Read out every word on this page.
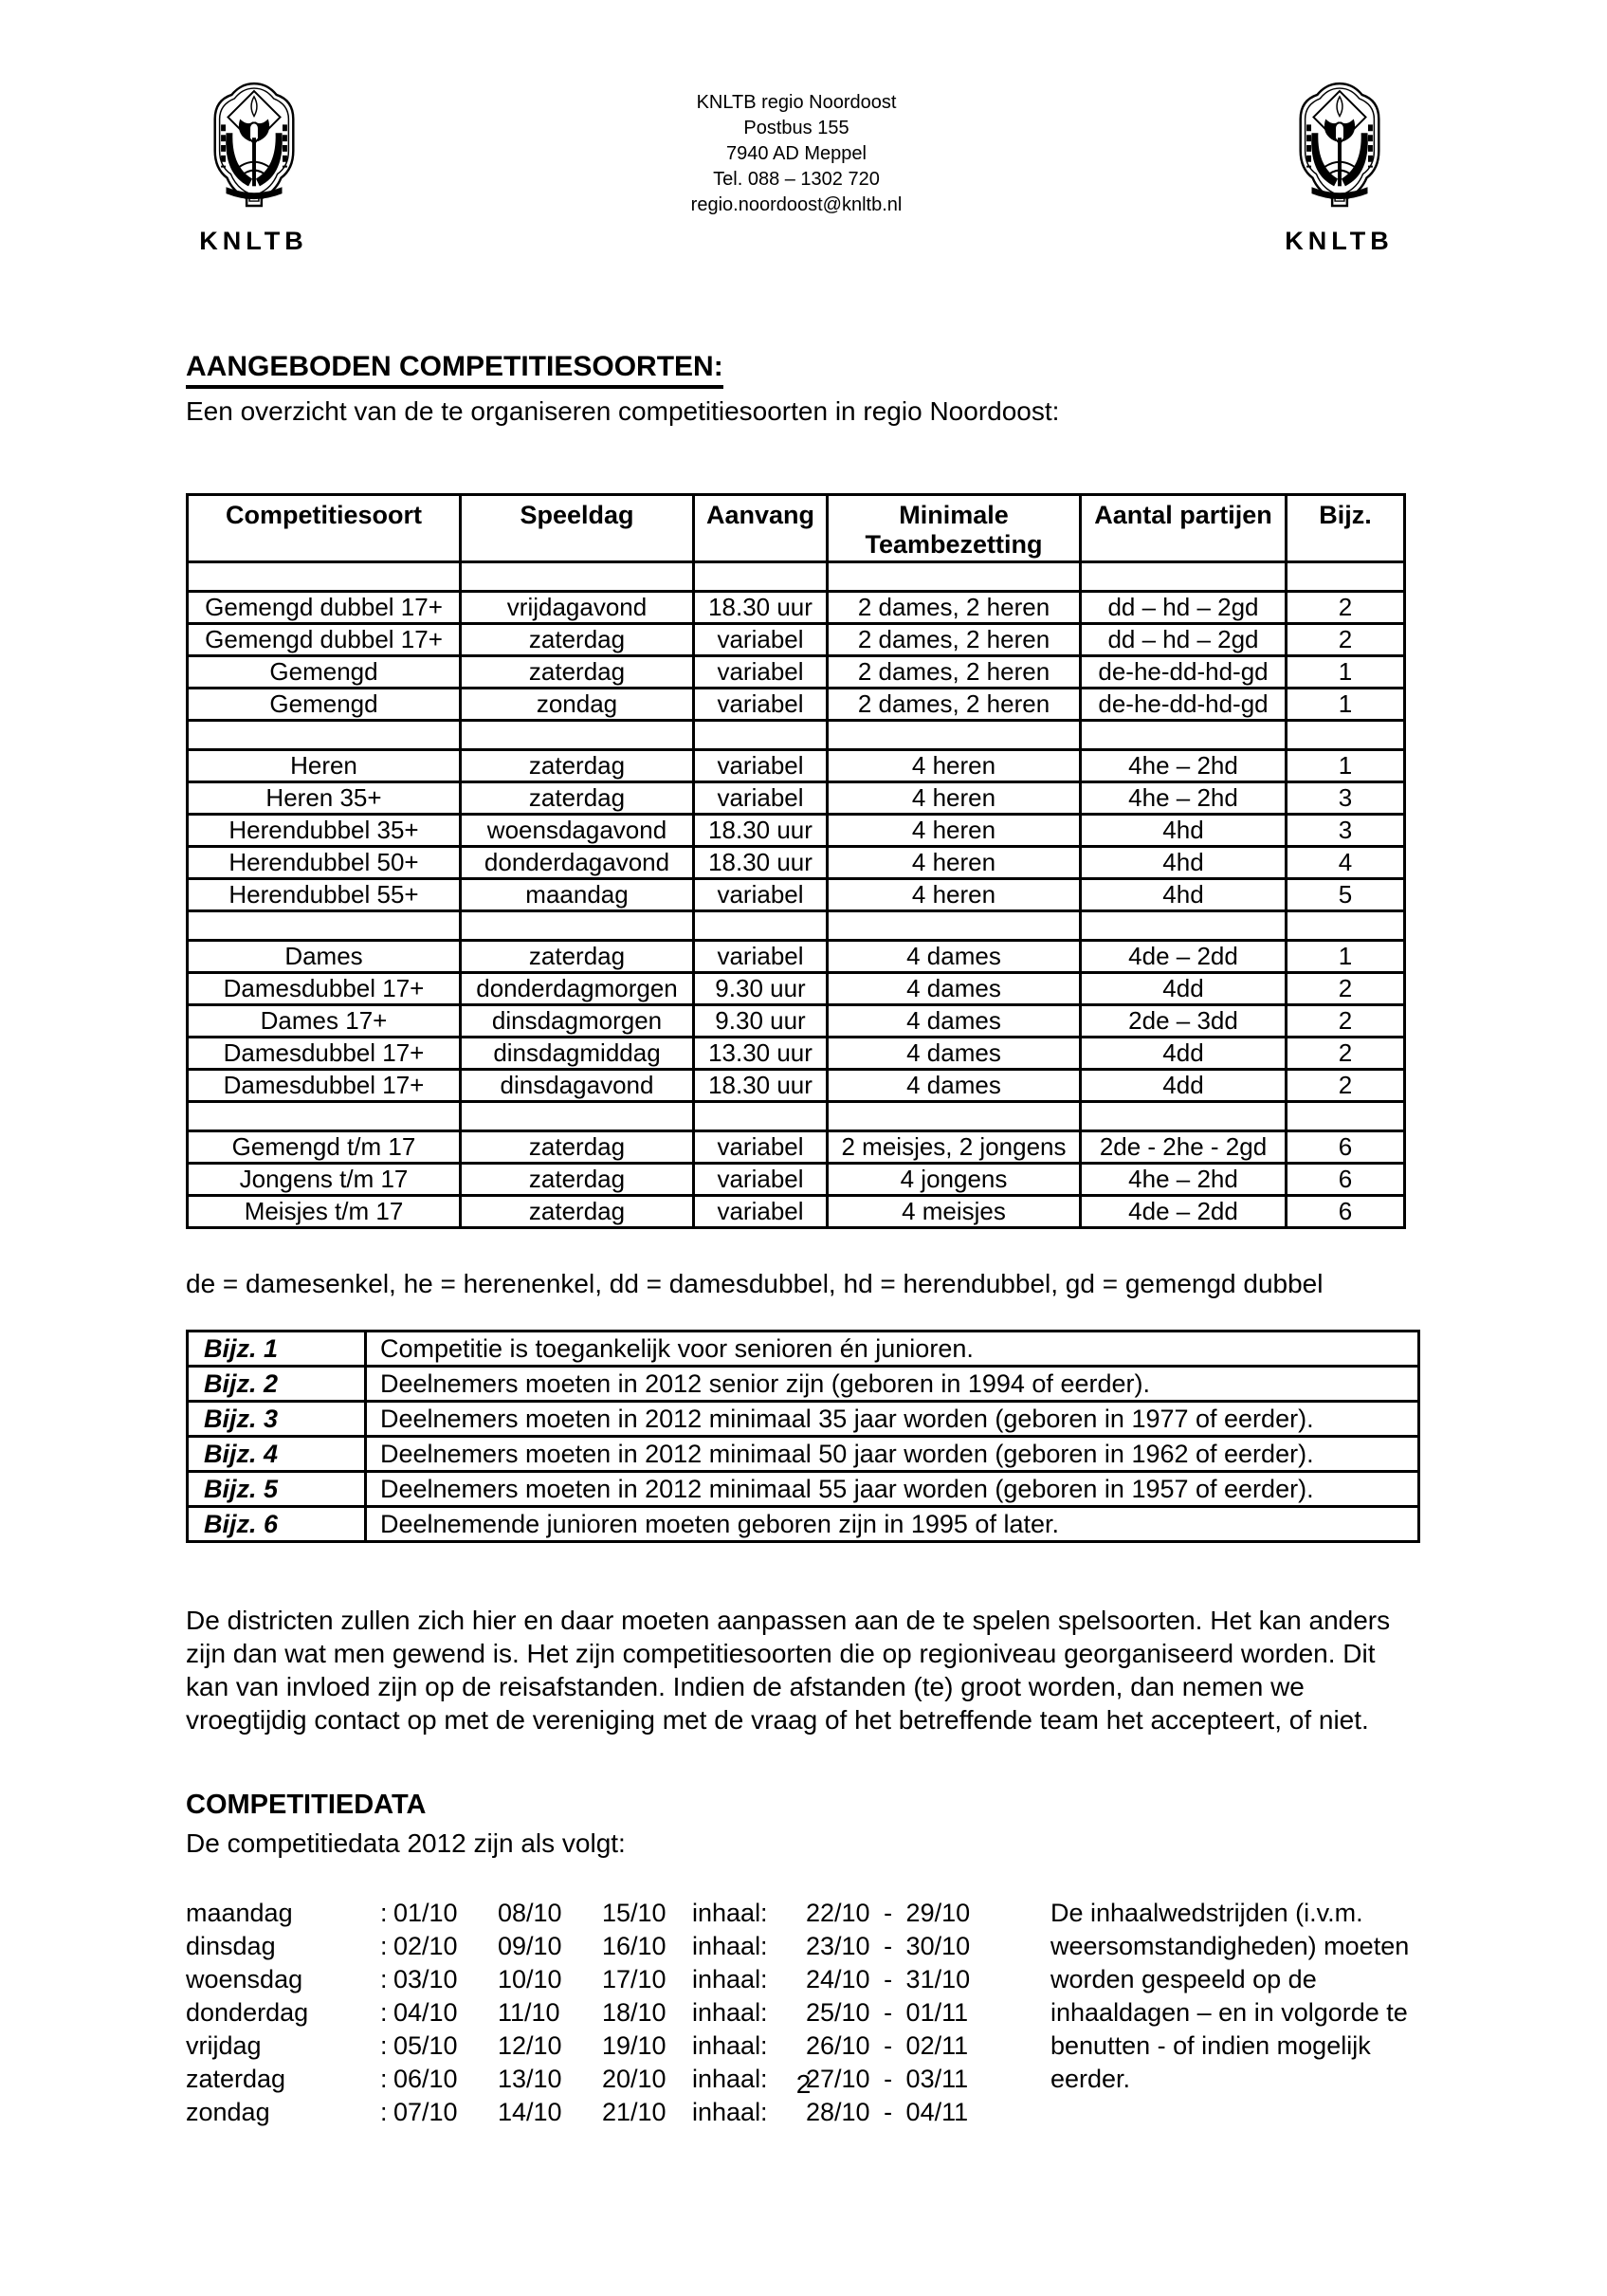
KNLTB
KNLTB regio Noordoost
Postbus 155
7940 AD Meppel
Tel. 088 – 1302 720
regio.noordoost@knltb.nl
KNLTB
AANGEBODEN COMPETITIESOORTEN:
Een overzicht van de te organiseren competitiesoorten in regio Noordoost:
Competitiesoort	Speeldag	Aanvang	Minimale Teambezetting	Aantal partijen	Bijz.

Gemengd dubbel 17+	vrijdagavond	18.30 uur	2 dames, 2 heren	dd – hd – 2gd	2
Gemengd dubbel 17+	zaterdag	variabel	2 dames, 2 heren	dd – hd – 2gd	2
Gemengd	zaterdag	variabel	2 dames, 2 heren	de-he-dd-hd-gd	1
Gemengd	zondag	variabel	2 dames, 2 heren	de-he-dd-hd-gd	1

Heren	zaterdag	variabel	4 heren	4he – 2hd	1
Heren 35+	zaterdag	variabel	4 heren	4he – 2hd	3
Herendubbel 35+	woensdagavond	18.30 uur	4 heren	4hd	3
Herendubbel 50+	donderdagavond	18.30 uur	4 heren	4hd	4
Herendubbel 55+	maandag	variabel	4 heren	4hd	5

Dames	zaterdag	variabel	4 dames	4de – 2dd	1
Damesdubbel 17+	donderdagmorgen	9.30 uur	4 dames	4dd	2
Dames 17+	dinsdagmorgen	9.30 uur	4 dames	2de – 3dd	2
Damesdubbel 17+	dinsdagmiddag	13.30 uur	4 dames	4dd	2
Damesdubbel 17+	dinsdagavond	18.30 uur	4 dames	4dd	2

Gemengd t/m 17	zaterdag	variabel	2 meisjes, 2 jongens	2de - 2he - 2gd	6
Jongens t/m 17	zaterdag	variabel	4 jongens	4he – 2hd	6
Meisjes t/m 17	zaterdag	variabel	4 meisjes	4de – 2dd	6
de = damesenkel, he = herenenkel, dd = damesdubbel, hd = herendubbel, gd = gemengd dubbel
Bijz. 1	Competitie is toegankelijk voor senioren én junioren.
Bijz. 2	Deelnemers moeten in 2012 senior zijn (geboren in 1994 of eerder).
Bijz. 3	Deelnemers moeten in 2012 minimaal 35 jaar worden (geboren in 1977 of eerder).
Bijz. 4	Deelnemers moeten in 2012 minimaal 50 jaar worden (geboren in 1962 of eerder).
Bijz. 5	Deelnemers moeten in 2012 minimaal 55 jaar worden (geboren in 1957 of eerder).
Bijz. 6	Deelnemende junioren moeten geboren zijn in 1995 of later.
De districten zullen zich hier en daar moeten aanpassen aan de te spelen spelsoorten. Het kan anders zijn dan wat men gewend is. Het zijn competitiesoorten die op regioniveau georganiseerd worden. Dit kan van invloed zijn op de reisafstanden. Indien de afstanden (te) groot worden, dan nemen we vroegtijdig contact op met de vereniging met de vraag of het betreffende team het accepteert, of niet.
COMPETITIEDATA
De competitiedata 2012 zijn als volgt:
maandag	: 01/10	08/10	15/10	inhaal:	22/10 - 29/10
dinsdag	: 02/10	09/10	16/10	inhaal:	23/10 - 30/10
woensdag	: 03/10	10/10	17/10	inhaal:	24/10 - 31/10
donderdag	: 04/10	11/10	18/10	inhaal:	25/10 - 01/11
vrijdag	: 05/10	12/10	19/10	inhaal:	26/10 - 02/11
zaterdag	: 06/10	13/10	20/10	inhaal:	27/10 - 03/11
zondag	: 07/10	14/10	21/10	inhaal:	28/10 - 04/11
De inhaalwedstrijden (i.v.m. weersomstandigheden) moeten worden gespeeld op de inhaaldagen – en in volgorde te benutten - of indien mogelijk eerder.
2
